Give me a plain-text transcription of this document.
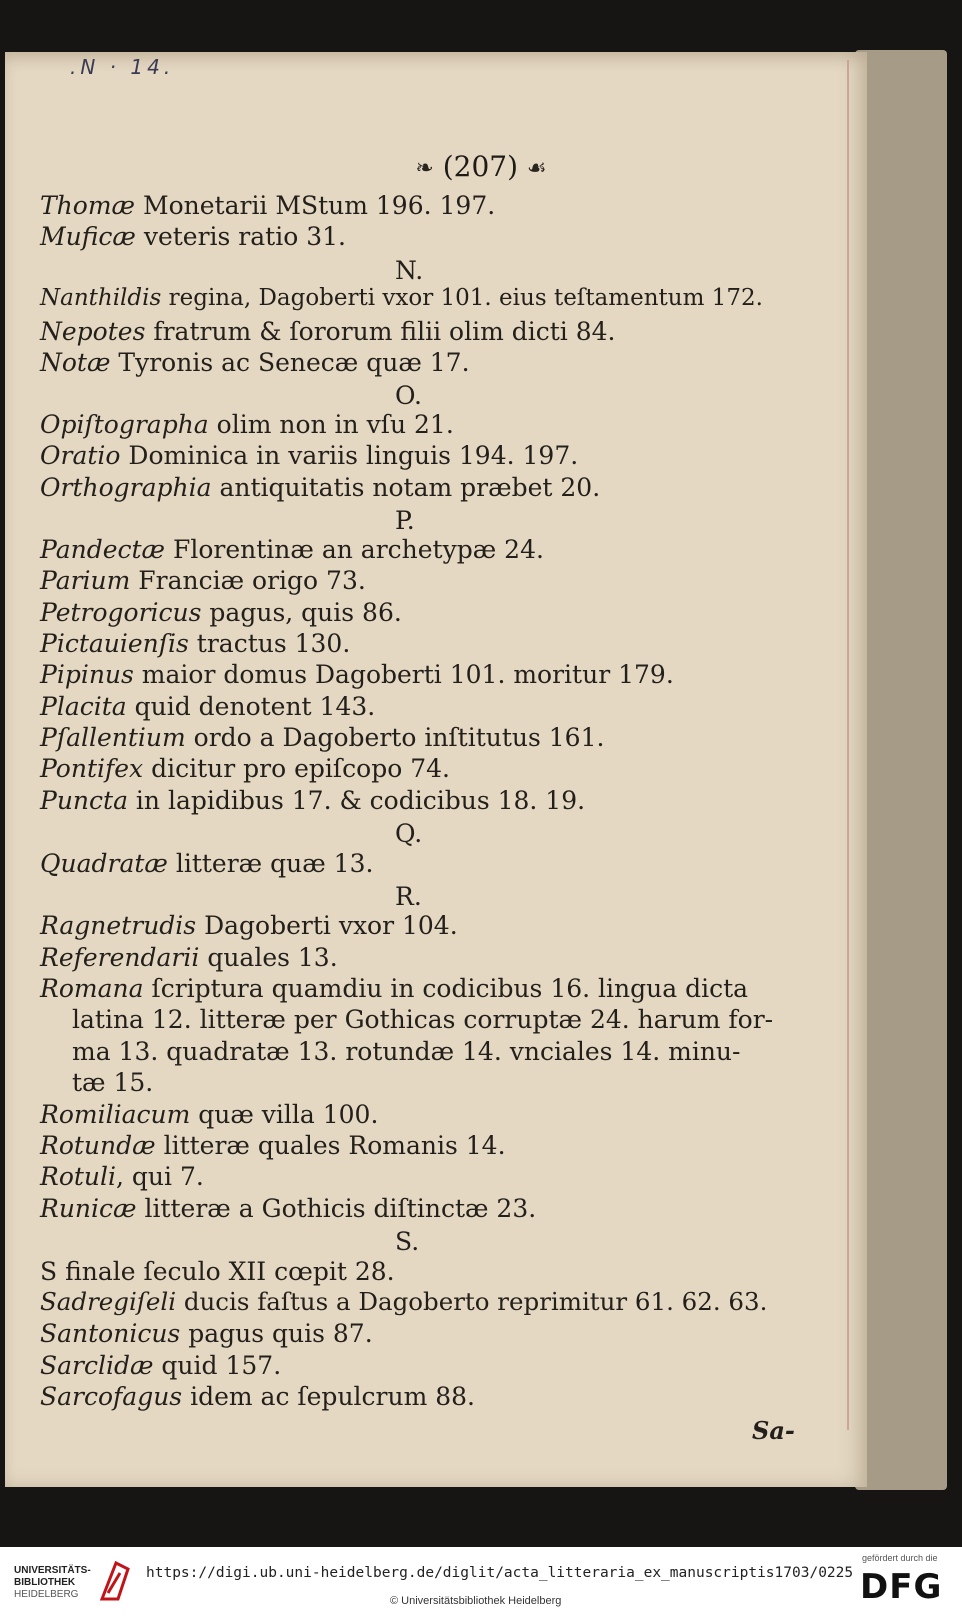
.N · 14.
❧ (207) ☙
Thomæ Monetarii MStum 196. 197.
Muficæ veteris ratio 31.
N.
Nanthildis regina, Dagoberti vxor 101. eius teſtamentum 172.
Nepotes fratrum & ſororum filii olim dicti 84.
Notæ Tyronis ac Senecæ quæ 17.
O.
Opiſtographa olim non in vſu 21.
Oratio Dominica in variis linguis 194. 197.
Orthographia antiquitatis notam præbet 20.
P.
Pandectæ Florentinæ an archetypæ 24.
Parium Franciæ origo 73.
Petrogoricus pagus, quis 86.
Pictauienſis tractus 130.
Pipinus maior domus Dagoberti 101. moritur 179.
Placita quid denotent 143.
Pſallentium ordo a Dagoberto inſtitutus 161.
Pontifex dicitur pro epiſcopo 74.
Puncta in lapidibus 17. & codicibus 18. 19.
Q.
Quadratæ litteræ quæ 13.
R.
Ragnetrudis Dagoberti vxor 104.
Referendarii quales 13.
Romana ſcriptura quamdiu in codicibus 16. lingua dicta
latina 12. litteræ per Gothicas corruptæ 24. harum for-
ma 13. quadratæ 13. rotundæ 14. vnciales 14. minu-
tæ 15.
Romiliacum quæ villa 100.
Rotundæ litteræ quales Romanis 14.
Rotuli, qui 7.
Runicæ litteræ a Gothicis diſtinctæ 23.
S.
S finale ſeculo XII cœpit 28.
Sadregiſeli ducis faſtus a Dagoberto reprimitur 61. 62. 63.
Santonicus pagus quis 87.
Sarclidæ quid 157.
Sarcofagus idem ac ſepulcrum 88.
Sa-
UNIVERSITÄTS-
BIBLIOTHEK
HEIDELBERG
https://digi.ub.uni-heidelberg.de/diglit/acta_litteraria_ex_manuscriptis1703/0225
© Universitätsbibliothek Heidelberg
gefördert durch die
DFG
